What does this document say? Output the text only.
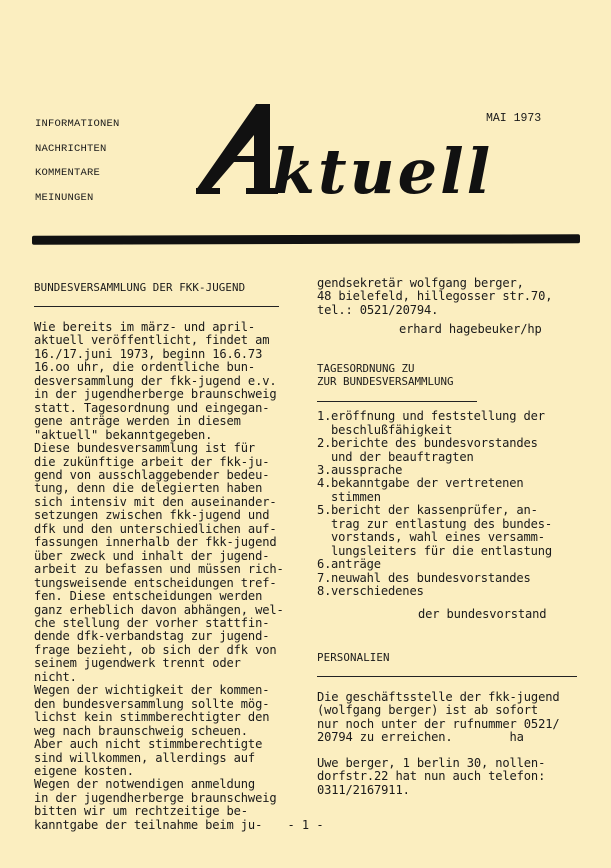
INFORMATIONEN
NACHRICHTEN
KOMMENTARE
MEINUNGEN
MAI 1973
ktuell
BUNDESVERSAMMLUNG DER FKK-JUGEND
Wie bereits im märz- und april-
aktuell veröffentlicht, findet am
16./17.juni 1973, beginn 16.6.73
16.oo uhr, die ordentliche bun-
desversammlung der fkk-jugend e.v.
in der jugendherberge braunschweig
statt. Tagesordnung und eingegan-
gene anträge werden in diesem
"aktuell" bekanntgegeben.
Diese bundesversammlung ist für
die zukünftige arbeit der fkk-ju-
gend von ausschlaggebender bedeu-
tung, denn die delegierten haben
sich intensiv mit den auseinander-
setzungen zwischen fkk-jugend und
dfk und den unterschiedlichen auf-
fassungen innerhalb der fkk-jugend
über zweck und inhalt der jugend-
arbeit zu befassen und müssen rich-
tungsweisende entscheidungen tref-
fen. Diese entscheidungen werden
ganz erheblich davon abhängen, wel-
che stellung der vorher stattfin-
dende dfk-verbandstag zur jugend-
frage bezieht, ob sich der dfk von
seinem jugendwerk trennt oder
nicht.
Wegen der wichtigkeit der kommen-
den bundesversammlung sollte mög-
lichst kein stimmberechtigter den
weg nach braunschweig scheuen.
Aber auch nicht stimmberechtigte
sind willkommen, allerdings auf
eigene kosten.
Wegen der notwendigen anmeldung
in der jugendherberge braunschweig
bitten wir um rechtzeitige be-
kanntgabe der teilnahme beim ju-
gendsekretär wolfgang berger,
48 bielefeld, hillegosser str.70,
tel.: 0521/20794.
erhard hagebeuker/hp
TAGESORDNUNG ZU
ZUR BUNDESVERSAMMLUNG
1. eröffnung und feststellung der
beschlußfähigkeit
2. berichte des bundesvorstandes
und der beauftragten
3. aussprache
4. bekanntgabe der vertretenen
stimmen
5. bericht der kassenprüfer, an-
trag zur entlastung des bundes-
vorstands, wahl eines versamm-
lungsleiters für die entlastung
6. anträge
7. neuwahl des bundesvorstandes
8. verschiedenes
der bundesvorstand
PERSONALIEN
Die geschäftsstelle der fkk-jugend
(wolfgang berger) ist ab sofort
nur noch unter der rufnummer 0521/
20794 zu erreichen.        ha
Uwe berger, 1 berlin 30, nollen-
dorfstr.22 hat nun auch telefon:
0311/2167911.
- 1 -
